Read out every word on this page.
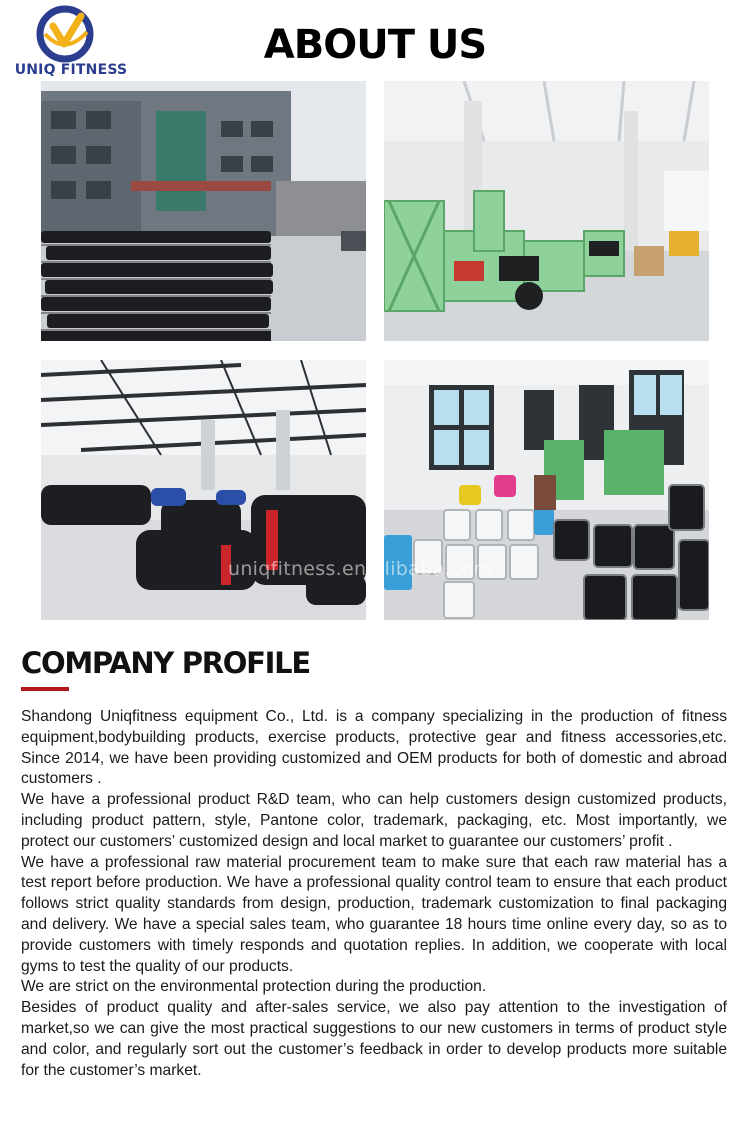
UNIQ FITNESS
ABOUT US
uniqfitness.en.alibaba.com
COMPANY PROFILE

Shandong Uniqfitness equipment Co., Ltd. is a company specializing in the production of fitness equipment,bodybuilding products, exercise products, protective gear and fitness accessories,etc. Since 2014, we have been providing customized and OEM products for both of domestic and abroad customers .

We have a professional product R&D team, who can help customers design customized products, including product pattern, style, Pantone color, trademark, packaging, etc. Most importantly, we protect our customers’ customized design and local market to guarantee our customers’ profit .

We have a professional raw material procurement team to make sure that each raw material has a test report before production. We have a professional quality control team to ensure that each product follows strict quality standards from design, production, trademark customization to final packaging and delivery. We have a special sales team, who guarantee 18 hours time online every day, so as to provide customers with timely responds and quotation replies. In addition, we cooperate with local gyms to test the quality of our products.

We are strict on the environmental protection during the production.

Besides of product quality and after-sales service, we also pay attention to the investigation of market,so we can give the most practical suggestions to our new customers in terms of product style and color, and regularly sort out the customer’s feedback in order to develop products more suitable for the customer’s market.
